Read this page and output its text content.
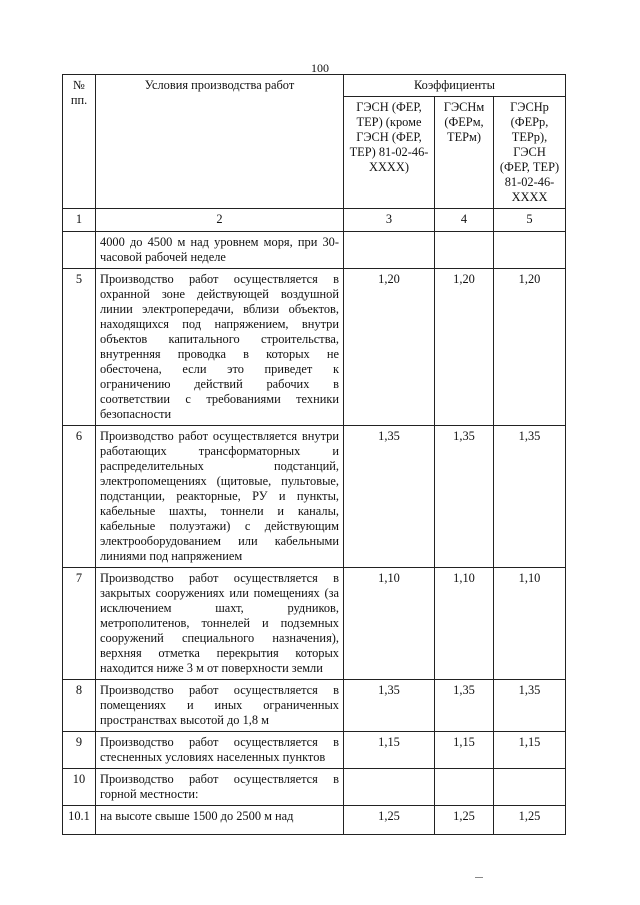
100
№ пп.	Условия производства работ	Коэффициенты		
		ГЭСН (ФЕР, ТЕР) (кроме ГЭСН (ФЕР, ТЕР) 81-02-46-XXXX)	ГЭСНм (ФЕРм, ТЕРм)	ГЭСНр (ФЕРр, ТЕРр), ГЭСН (ФЕР, ТЕР) 81-02-46-XXXX
1	2	3	4	5
	4000 до 4500 м над уровнем моря, при 30-часовой рабочей неделе			
5	Производство работ осуществляется в охранной зоне действующей воздушной линии электропередачи, вблизи объектов, находящихся под напряжением, внутри объектов капитального строительства, внутренняя проводка в которых не обесточена, если это приведет к ограничению действий рабочих в соответствии с требованиями техники безопасности	1,20	1,20	1,20
6	Производство работ осуществляется внутри работающих трансформаторных и распределительных подстанций, электропомещениях (щитовые, пультовые, подстанции, реакторные, РУ и пункты, кабельные шахты, тоннели и каналы, кабельные полуэтажи) с действующим электрооборудованием или кабельными линиями под напряжением	1,35	1,35	1,35
7	Производство работ осуществляется в закрытых сооружениях или помещениях (за исключением шахт, рудников, метрополитенов, тоннелей и подземных сооружений специального назначения), верхняя отметка перекрытия которых находится ниже 3 м от поверхности земли	1,10	1,10	1,10
8	Производство работ осуществляется в помещениях и иных ограниченных пространствах высотой до 1,8 м	1,35	1,35	1,35
9	Производство работ осуществляется в стесненных условиях населенных пунктов	1,15	1,15	1,15
10	Производство работ осуществляется в горной местности:			
10.1	на высоте свыше 1500 до 2500 м над	1,25	1,25	1,25
